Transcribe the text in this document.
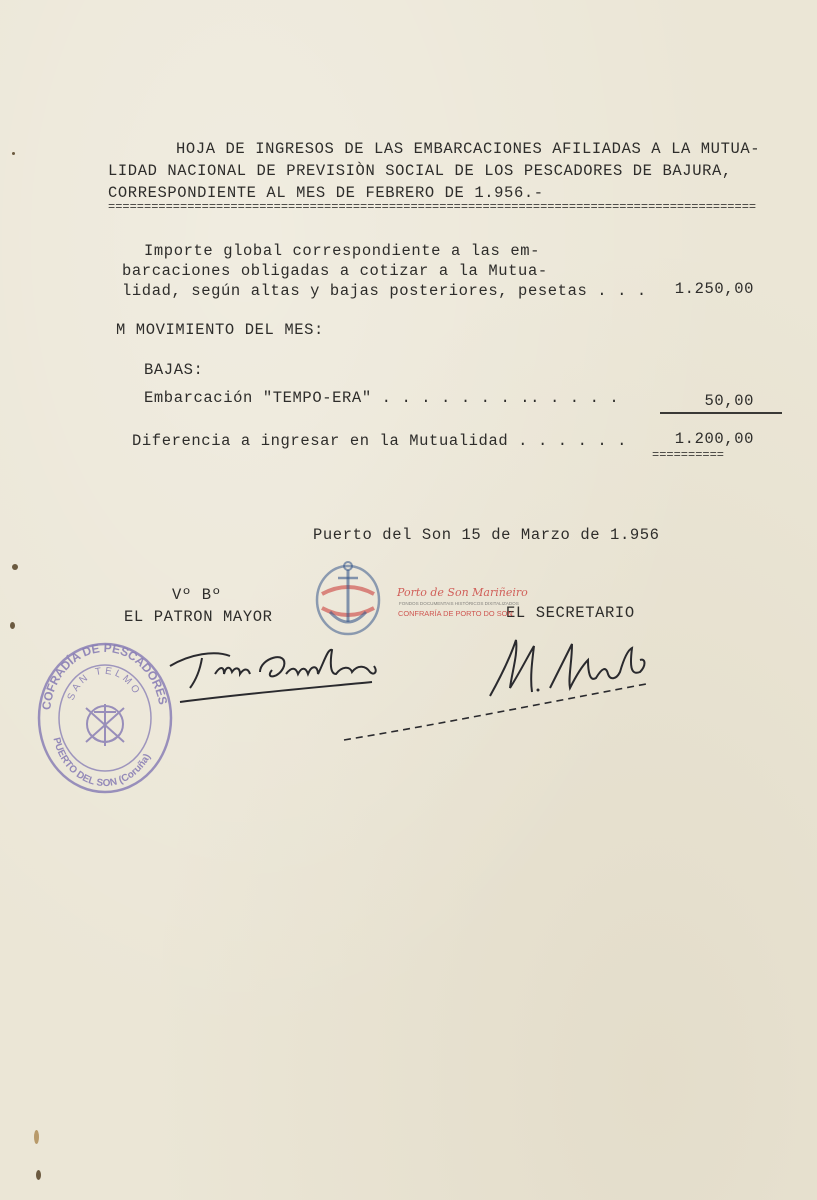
HOJA DE INGRESOS DE LAS EMBARCACIONES AFILIADAS A LA MUTUA-
LIDAD NACIONAL DE PREVISIÒN SOCIAL DE LOS PESCADORES DE BAJURA,
CORRESPONDIENTE AL MES DE FEBRERO DE 1.956.-
==========================================================================================
Importe global correspondiente a las em-
barcaciones obligadas a cotizar a la Mutua-
lidad, según altas y bajas posteriores, pesetas . . .	1.250,00
M MOVIMIENTO DEL MES:
BAJAS:
Embarcación "TEMPO-ERA" . . . . . . . .. . . . .	50,00
Diferencia a ingresar en la Mutualidad . . . . . .	1.200,00
==========
Puerto del Son 15 de Marzo de 1.956
Vº Bº
EL PATRON MAYOR	EL SECRETARIO
Porto de Son Mariñeiro
FONDOS DOCUMENTAIS HISTÓRICOS DIXITALIZADOS
CONFRARÍA DE PORTO DO SON
COFRADÍA DE PESCADORES
PUERTO DEL SON (Coruña)
SAN TELMO
